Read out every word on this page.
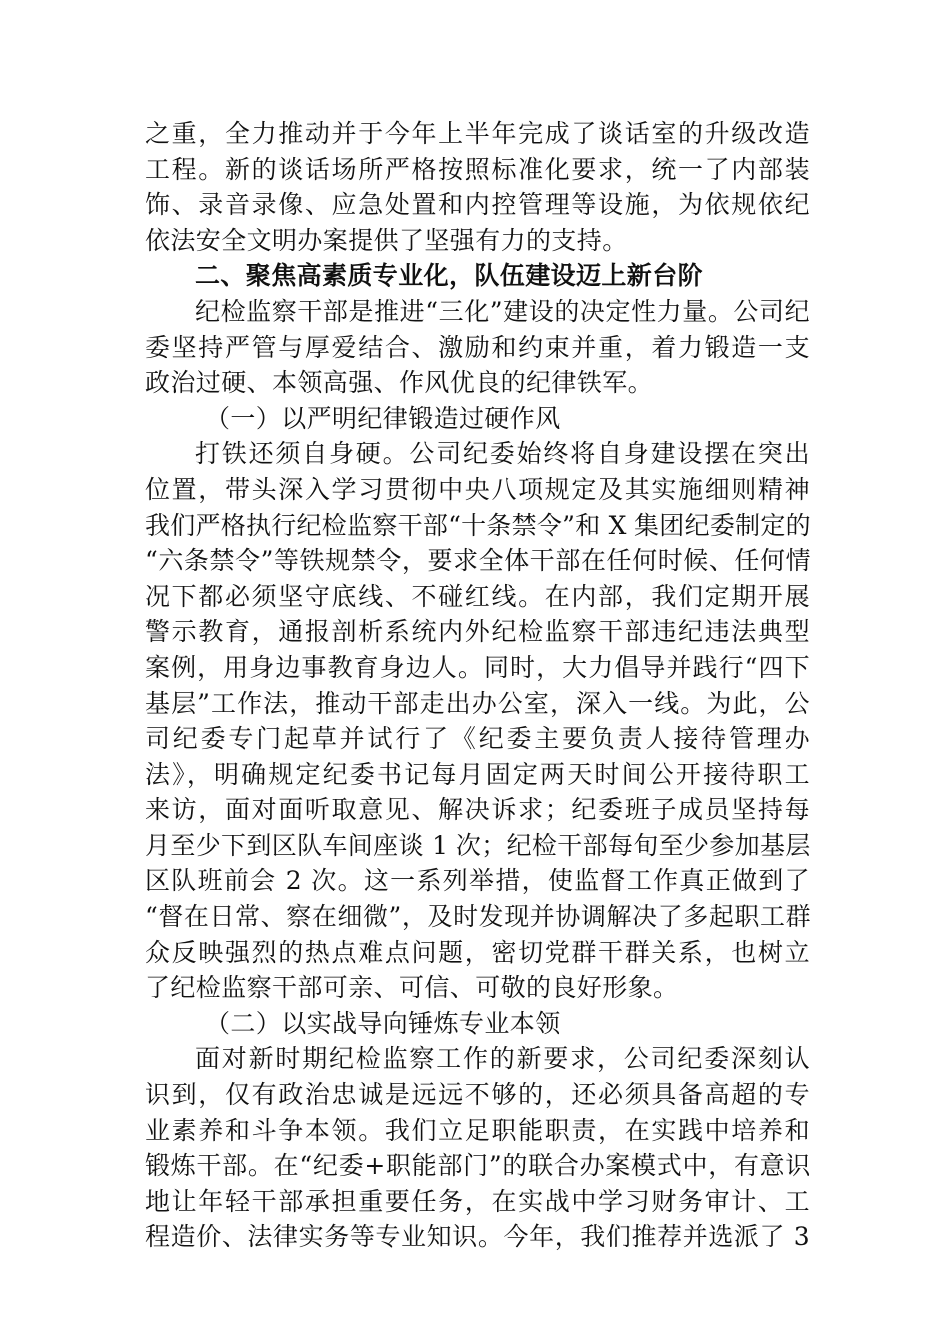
之重，全力推动并于今年上半年完成了谈话室的升级改造
工程。新的谈话场所严格按照标准化要求，统一了内部装
饰、录音录像、应急处置和内控管理等设施，为依规依纪
依法安全文明办案提供了坚强有力的支持。
二、聚焦高素质专业化，队伍建设迈上新台阶
纪检监察干部是推进“三化”建设的决定性力量。公司纪
委坚持严管与厚爱结合、激励和约束并重，着力锻造一支
政治过硬、本领高强、作风优良的纪律铁军。
（一）以严明纪律锻造过硬作风
打铁还须自身硬。公司纪委始终将自身建设摆在突出
位置，带头深入学习贯彻中央八项规定及其实施细则精神
我们严格执行纪检监察干部“十条禁令”和 X 集团纪委制定的
“六条禁令”等铁规禁令，要求全体干部在任何时候、任何情
况下都必须坚守底线、不碰红线。在内部，我们定期开展
警示教育，通报剖析系统内外纪检监察干部违纪违法典型
案例，用身边事教育身边人。同时，大力倡导并践行“四下
基层”工作法，推动干部走出办公室，深入一线。为此，公
司纪委专门起草并试行了《纪委主要负责人接待管理办
法》，明确规定纪委书记每月固定两天时间公开接待职工
来访，面对面听取意见、解决诉求；纪委班子成员坚持每
月至少下到区队车间座谈 1 次；纪检干部每旬至少参加基层
区队班前会 2 次。这一系列举措，使监督工作真正做到了
“督在日常、察在细微”，及时发现并协调解决了多起职工群
众反映强烈的热点难点问题，密切党群干群关系，也树立
了纪检监察干部可亲、可信、可敬的良好形象。
（二）以实战导向锤炼专业本领
面对新时期纪检监察工作的新要求，公司纪委深刻认
识到，仅有政治忠诚是远远不够的，还必须具备高超的专
业素养和斗争本领。我们立足职能职责，在实践中培养和
锻炼干部。在“纪委+职能部门”的联合办案模式中，有意识
地让年轻干部承担重要任务，在实战中学习财务审计、工
程造价、法律实务等专业知识。今年，我们推荐并选派了 3
